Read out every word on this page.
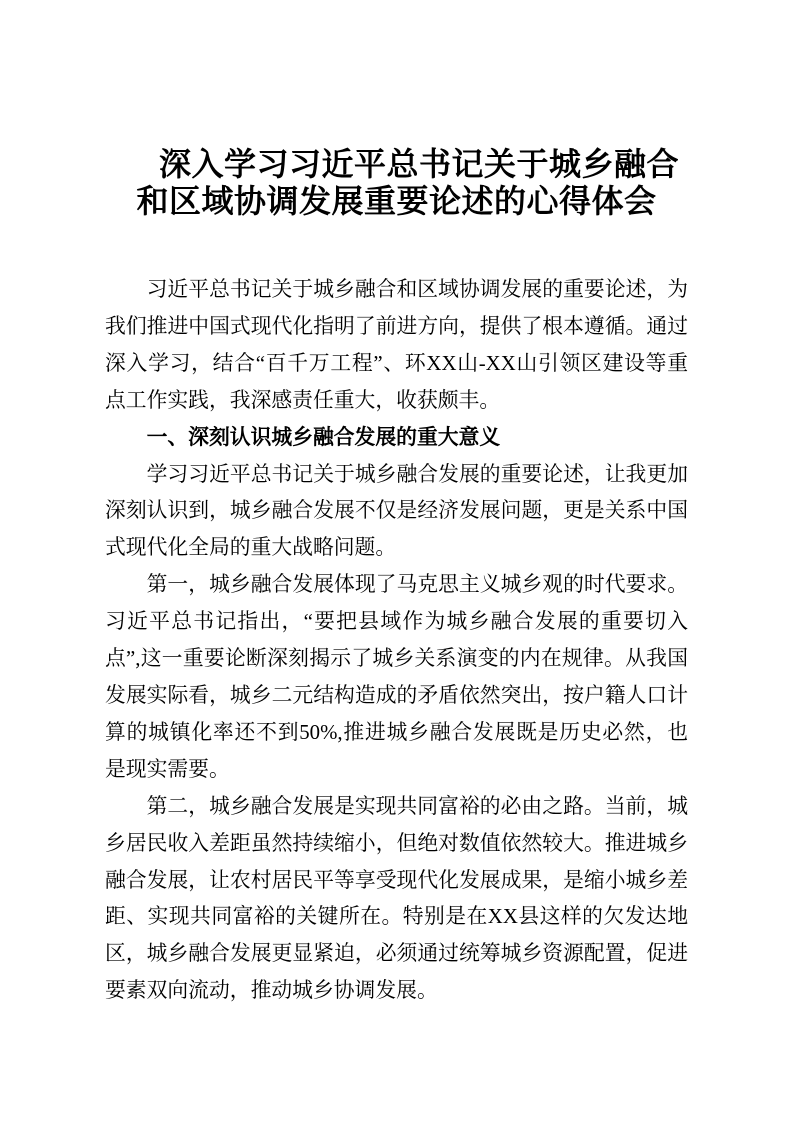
深入学习习近平总书记关于城乡融合
和区域协调发展重要论述的心得体会

习近平总书记关于城乡融合和区域协调发展的重要论述，为我们推进中国式现代化指明了前进方向，提供了根本遵循。通过深入学习，结合“百千万工程”、环XX山-XX山引领区建设等重点工作实践，我深感责任重大，收获颇丰。

一、深刻认识城乡融合发展的重大意义

学习习近平总书记关于城乡融合发展的重要论述，让我更加深刻认识到，城乡融合发展不仅是经济发展问题，更是关系中国式现代化全局的重大战略问题。

第一，城乡融合发展体现了马克思主义城乡观的时代要求。习近平总书记指出，“要把县域作为城乡融合发展的重要切入点”,这一重要论断深刻揭示了城乡关系演变的内在规律。从我国发展实际看，城乡二元结构造成的矛盾依然突出，按户籍人口计算的城镇化率还不到50%,推进城乡融合发展既是历史必然，也是现实需要。

第二，城乡融合发展是实现共同富裕的必由之路。当前，城乡居民收入差距虽然持续缩小，但绝对数值依然较大。推进城乡融合发展，让农村居民平等享受现代化发展成果，是缩小城乡差距、实现共同富裕的关键所在。特别是在XX县这样的欠发达地区，城乡融合发展更显紧迫，必须通过统筹城乡资源配置，促进要素双向流动，推动城乡协调发展。
